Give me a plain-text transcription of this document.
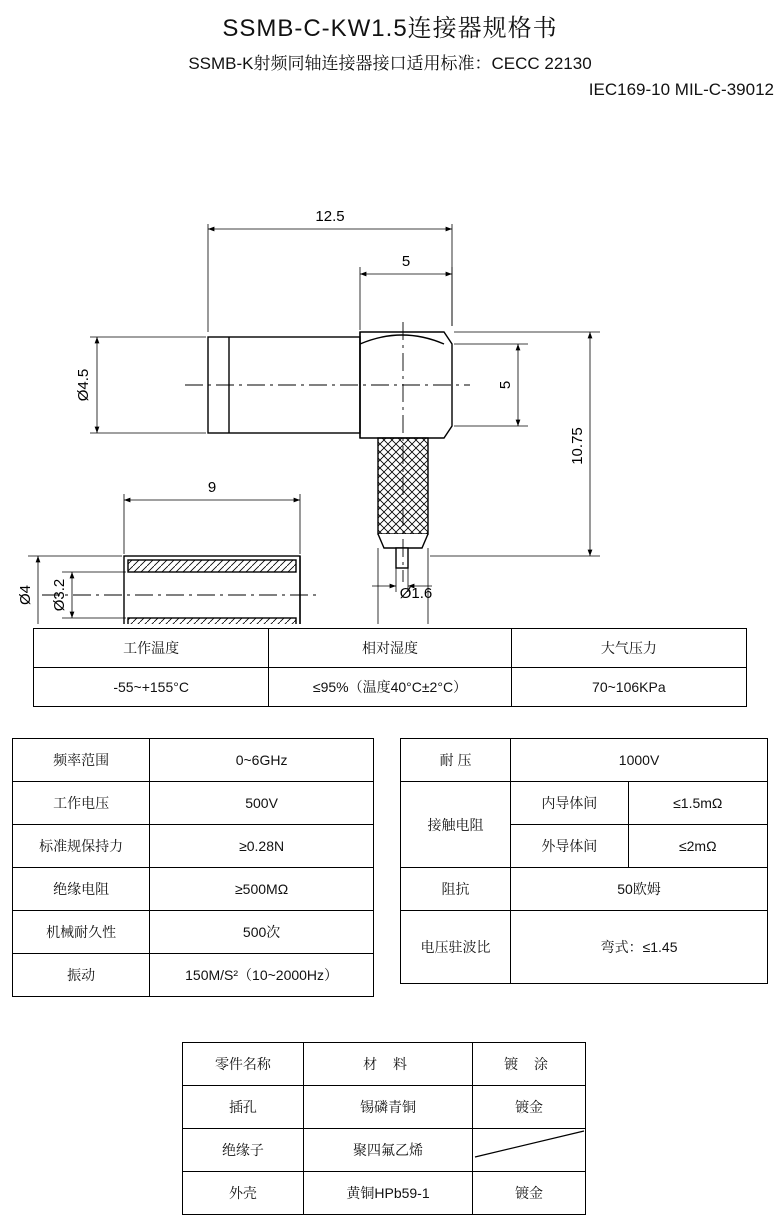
SSMB-C-KW1.5连接器规格书
SSMB-K射频同轴连接器接口适用标准：CECC 22130
IEC169-10 MIL-C-39012
12.5
5
Ø4.5	5
10.75
9
Ø4 Ø3.2	Ø1.6
工作温度	相对湿度	大气压力
-55~+155°C	≤95%（温度40°C±2°C）	70~106KPa
频率范围	0~6GHz
工作电压	500V
标准规保持力	≥0.28N
绝缘电阻	≥500MΩ
机械耐久性	500次
振动	150M/S²（10~2000Hz）
耐 压	1000V	
接触电阻	内导体间	≤1.5mΩ
	外导体间	≤2mΩ
阻抗	50欧姆	
电压驻波比	弯式：≤1.45	
零件名称	材 料	镀 涂
插孔	锡磷青铜	镀金
绝缘子	聚四氟乙烯	

外壳	黄铜HPb59-1	镀金
